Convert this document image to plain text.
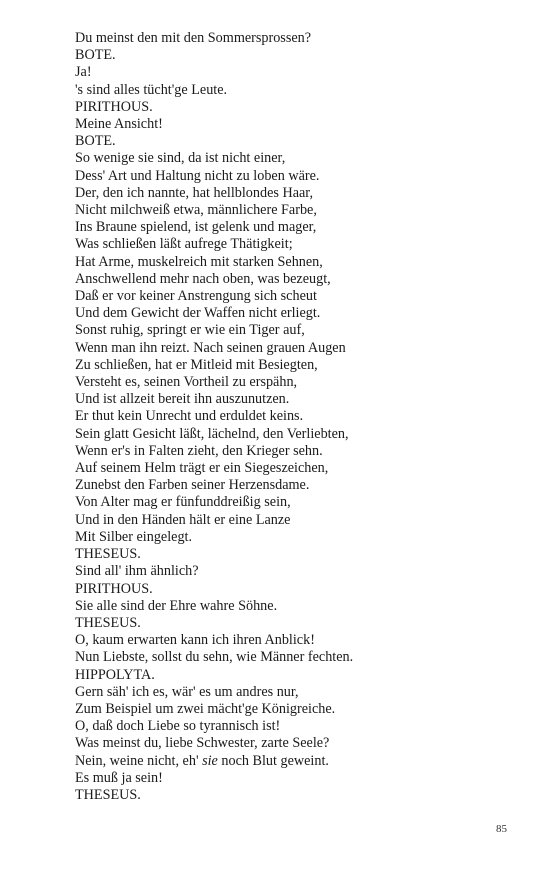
Du meinst den mit den Sommersprossen?
BOTE.
Ja!
's sind alles tücht'ge Leute.
PIRITHOUS.
Meine Ansicht!
BOTE.
So wenige sie sind, da ist nicht einer,
Dess' Art und Haltung nicht zu loben wäre.
Der, den ich nannte, hat hellblondes Haar,
Nicht milchweiß etwa, männlichere Farbe,
Ins Braune spielend, ist gelenk und mager,
Was schließen läßt aufrege Thätigkeit;
Hat Arme, muskelreich mit starken Sehnen,
Anschwellend mehr nach oben, was bezeugt,
Daß er vor keiner Anstrengung sich scheut
Und dem Gewicht der Waffen nicht erliegt.
Sonst ruhig, springt er wie ein Tiger auf,
Wenn man ihn reizt. Nach seinen grauen Augen
Zu schließen, hat er Mitleid mit Besiegten,
Versteht es, seinen Vortheil zu erspähn,
Und ist allzeit bereit ihn auszunutzen.
Er thut kein Unrecht und erduldet keins.
Sein glatt Gesicht läßt, lächelnd, den Verliebten,
Wenn er's in Falten zieht, den Krieger sehn.
Auf seinem Helm trägt er ein Siegeszeichen,
Zunebst den Farben seiner Herzensdame.
Von Alter mag er fünfunddreißig sein,
Und in den Händen hält er eine Lanze
Mit Silber eingelegt.
THESEUS.
Sind all' ihm ähnlich?
PIRITHOUS.
Sie alle sind der Ehre wahre Söhne.
THESEUS.
O, kaum erwarten kann ich ihren Anblick!
Nun Liebste, sollst du sehn, wie Männer fechten.
HIPPOLYTA.
Gern säh' ich es, wär' es um andres nur,
Zum Beispiel um zwei mächt'ge Königreiche.
O, daß doch Liebe so tyrannisch ist!
Was meinst du, liebe Schwester, zarte Seele?
Nein, weine nicht, eh' sie noch Blut geweint.
Es muß ja sein!
THESEUS.
85
